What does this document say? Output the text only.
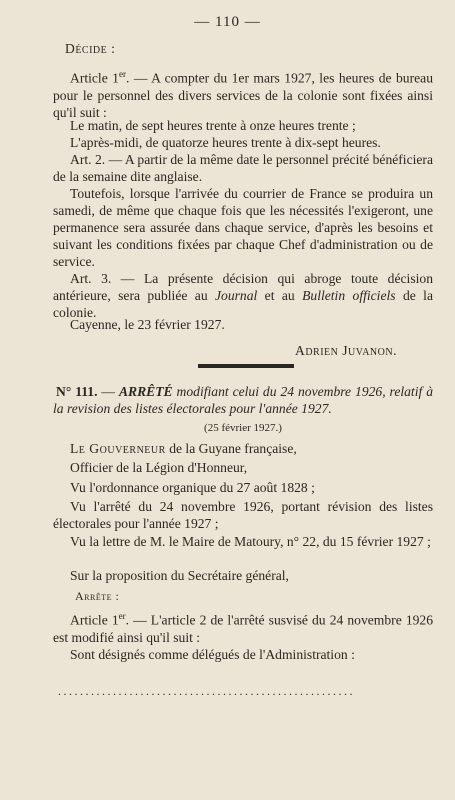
— 110 —

Décide :

Article 1er. — A compter du 1er mars 1927, les heures de bureau pour le personnel des divers services de la colonie sont fixées ainsi qu'il suit :

Le matin, de sept heures trente à onze heures trente ;

L'après-midi, de quatorze heures trente à dix-sept heures.

Art. 2. — A partir de la même date le personnel précité bénéficiera de la semaine dite anglaise.

Toutefois, lorsque l'arrivée du courrier de France se produira un samedi, de même que chaque fois que les nécessités l'exigeront, une permanence sera assurée dans chaque service, d'après les besoins et suivant les conditions fixées par chaque Chef d'administration ou de service.

Art. 3. — La présente décision qui abroge toute décision antérieure, sera publiée au Journal et au Bulletin officiels de la colonie.

Cayenne, le 23 février 1927.

Adrien Juvanon.

N° 111. — ARRÊTÉ modifiant celui du 24 novembre 1926, relatif à la revision des listes électorales pour l'année 1927.

(25 février 1927.)

Le Gouverneur de la Guyane française,

Officier de la Légion d'Honneur,

Vu l'ordonnance organique du 27 août 1828 ;

Vu l'arrêté du 24 novembre 1926, portant révision des listes électorales pour l'année 1927 ;

Vu la lettre de M. le Maire de Matoury, n° 22, du 15 février 1927 ;

Sur la proposition du Secrétaire général,

Arrête :

Article 1er. — L'article 2 de l'arrêté susvisé du 24 novembre 1926 est modifié ainsi qu'il suit :

Sont désignés comme délégués de l'Administration :

......................................................
